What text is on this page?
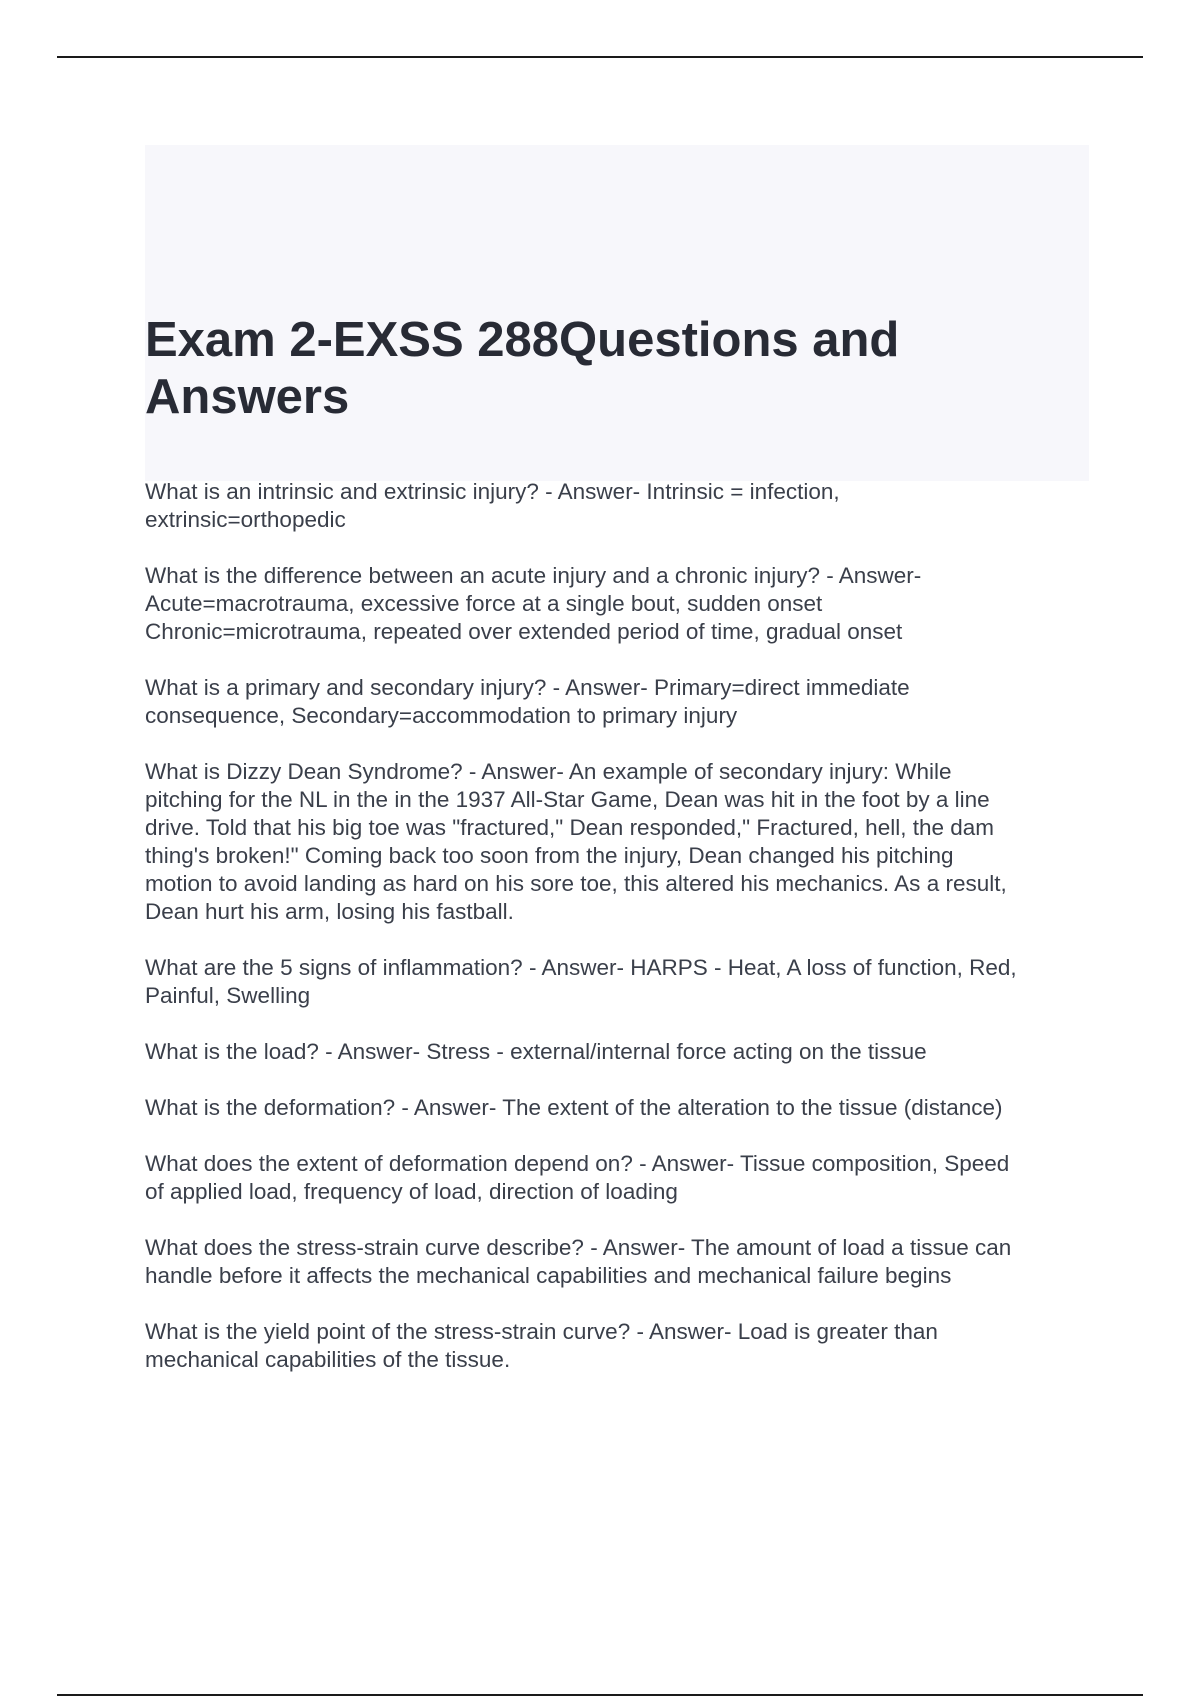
Exam 2-EXSS 288Questions and Answers

What is an intrinsic and extrinsic injury? - Answer- Intrinsic = infection,
extrinsic=orthopedic

What is the difference between an acute injury and a chronic injury? - Answer-
Acute=macrotrauma, excessive force at a single bout, sudden onset
Chronic=microtrauma, repeated over extended period of time, gradual onset

What is a primary and secondary injury? - Answer- Primary=direct immediate
consequence, Secondary=accommodation to primary injury

What is Dizzy Dean Syndrome? - Answer- An example of secondary injury: While
pitching for the NL in the in the 1937 All-Star Game, Dean was hit in the foot by a line
drive. Told that his big toe was "fractured," Dean responded," Fractured, hell, the dam
thing's broken!" Coming back too soon from the injury, Dean changed his pitching
motion to avoid landing as hard on his sore toe, this altered his mechanics. As a result,
Dean hurt his arm, losing his fastball.

What are the 5 signs of inflammation? - Answer- HARPS - Heat, A loss of function, Red,
Painful, Swelling

What is the load? - Answer- Stress - external/internal force acting on the tissue

What is the deformation? - Answer- The extent of the alteration to the tissue (distance)

What does the extent of deformation depend on? - Answer- Tissue composition, Speed
of applied load, frequency of load, direction of loading

What does the stress-strain curve describe? - Answer- The amount of load a tissue can
handle before it affects the mechanical capabilities and mechanical failure begins

What is the yield point of the stress-strain curve? - Answer- Load is greater than
mechanical capabilities of the tissue.
